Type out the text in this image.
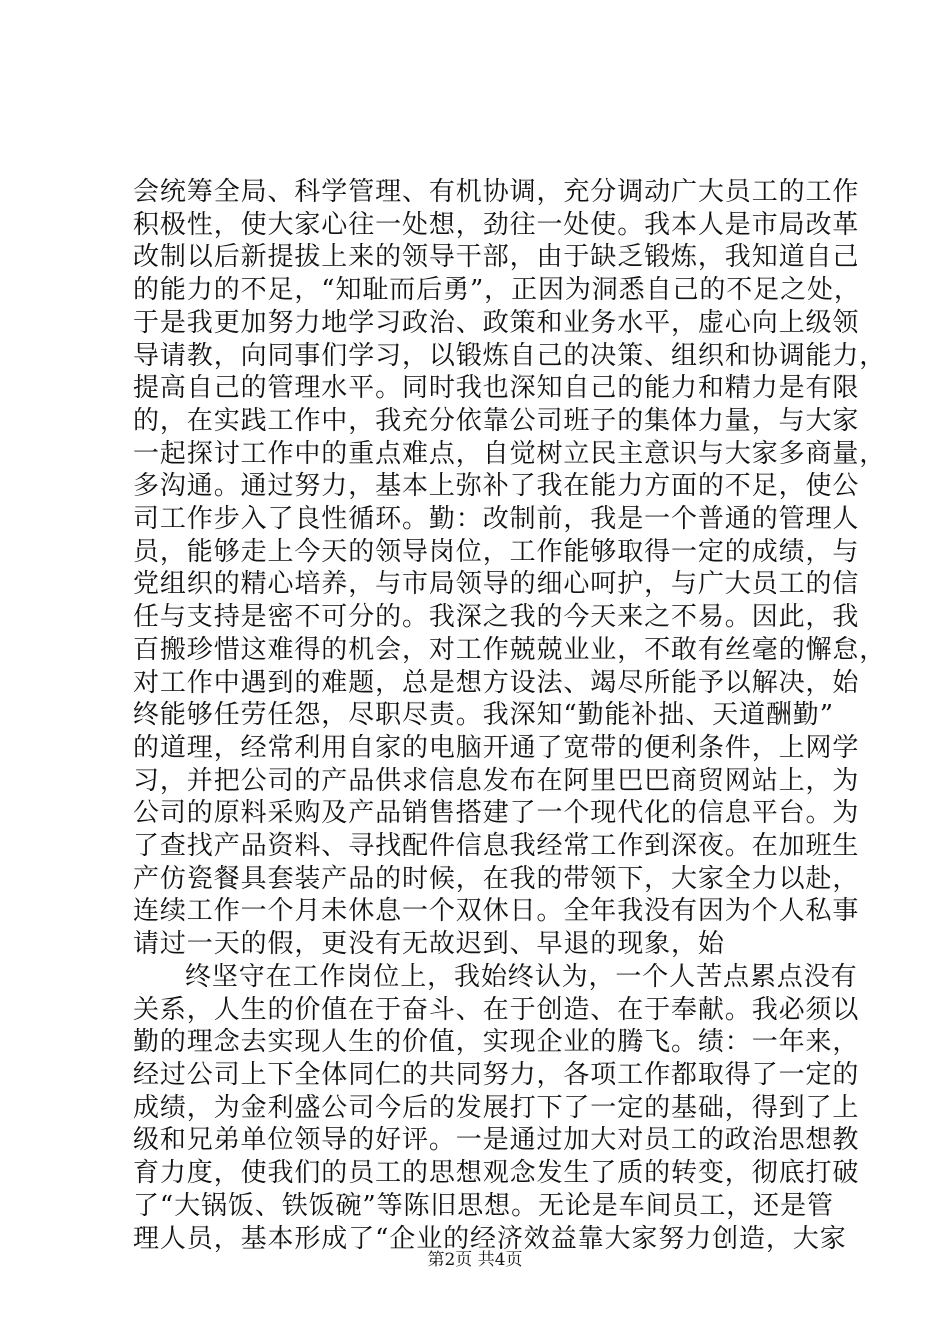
会统筹全局、科学管理、有机协调，充分调动广大员工的工作
积极性，使大家心往一处想，劲往一处使。我本人是市局改革
改制以后新提拔上来的领导干部，由于缺乏锻炼，我知道自己
的能力的不足，“知耻而后勇”，正因为洞悉自己的不足之处，
于是我更加努力地学习政治、政策和业务水平，虚心向上级领
导请教，向同事们学习，以锻炼自己的决策、组织和协调能力，
提高自己的管理水平。同时我也深知自己的能力和精力是有限
的，在实践工作中，我充分依靠公司班子的集体力量，与大家
一起探讨工作中的重点难点，自觉树立民主意识与大家多商量，
多沟通。通过努力，基本上弥补了我在能力方面的不足，使公
司工作步入了良性循环。勤：改制前，我是一个普通的管理人
员，能够走上今天的领导岗位，工作能够取得一定的成绩，与
党组织的精心培养，与市局领导的细心呵护，与广大员工的信
任与支持是密不可分的。我深之我的今天来之不易。因此，我
百搬珍惜这难得的机会，对工作兢兢业业，不敢有丝毫的懈怠，
对工作中遇到的难题，总是想方设法、竭尽所能予以解决，始
终能够任劳任怨，尽职尽责。我深知“勤能补拙、天道酬勤”
的道理，经常利用自家的电脑开通了宽带的便利条件，上网学
习，并把公司的产品供求信息发布在阿里巴巴商贸网站上，为
公司的原料采购及产品销售搭建了一个现代化的信息平台。为
了查找产品资料、寻找配件信息我经常工作到深夜。在加班生
产仿瓷餐具套装产品的时候，在我的带领下，大家全力以赴，
连续工作一个月未休息一个双休日。全年我没有因为个人私事
请过一天的假，更没有无故迟到、早退的现象，始
终坚守在工作岗位上，我始终认为，一个人苦点累点没有
关系，人生的价值在于奋斗、在于创造、在于奉献。我必须以
勤的理念去实现人生的价值，实现企业的腾飞。绩：一年来，
经过公司上下全体同仁的共同努力，各项工作都取得了一定的
成绩，为金利盛公司今后的发展打下了一定的基础，得到了上
级和兄弟单位领导的好评。一是通过加大对员工的政治思想教
育力度，使我们的员工的思想观念发生了质的转变，彻底打破
了“大锅饭、铁饭碗”等陈旧思想。无论是车间员工，还是管
理人员，基本形成了“企业的经济效益靠大家努力创造，大家
第2页 共4页
